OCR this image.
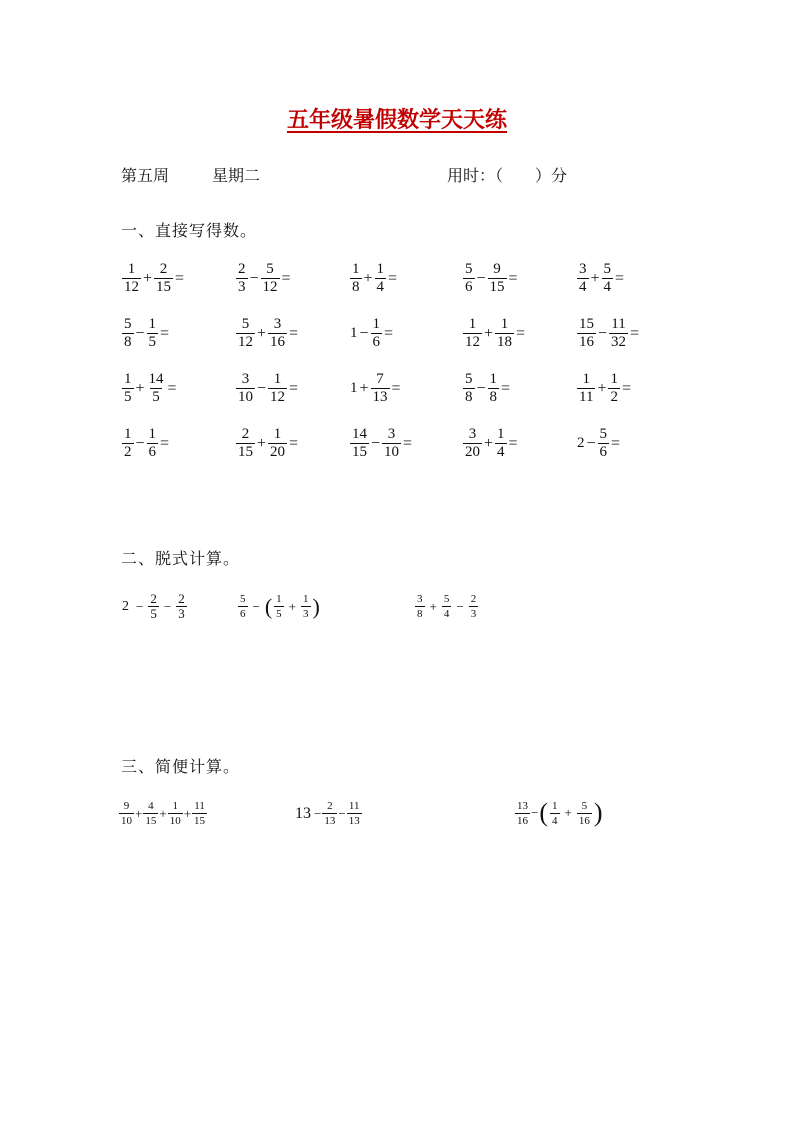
五年级暑假数学天天练
第五周	星期二	用时：（　　）分
一、直接写得数。
二、脱式计算。
三、简便计算。
$\frac{1}{12} + \frac{2}{15}$ =	$\frac{2}{3} - \frac{5}{12}$ =	$\frac{1}{8} + \frac{1}{4}$ =	$\frac{5}{6} - \frac{9}{15}$ =	$\frac{3}{4} + \frac{5}{4}$ =
$\frac{5}{8} - \frac{1}{5}$ =	$\frac{5}{12} + \frac{3}{16}$ =	$1 - \frac{1}{6}$ =	$\frac{1}{12} + \frac{1}{18}$ =	$\frac{15}{16} - \frac{11}{32}$ =
$\frac{1}{5} + \frac{14}{5}$ =	$\frac{3}{10} - \frac{1}{12}$ =	$1 + \frac{7}{13}$ =	$\frac{5}{8} - \frac{1}{8}$ =	$\frac{1}{11} + \frac{1}{2}$ =
$\frac{1}{2} - \frac{1}{6}$ =	$\frac{2}{15} + \frac{1}{20}$ =	$\frac{14}{15} - \frac{3}{10}$ =	$\frac{3}{20} + \frac{1}{4}$ =	$2 - \frac{5}{6}$ =
$2 - \frac{2}{5} - \frac{2}{3}$	$\frac{5}{6}$ − ( $\frac{1}{5} + \frac{1}{3}$ )	$\frac{3}{8} + \frac{5}{4} - \frac{2}{3}$
$\frac{9}{10} + \frac{4}{15} + \frac{1}{10} + \frac{11}{15}$	$13 - \frac{2}{13} - \frac{11}{13}$	$\frac{13}{16}$ − ( $\frac{1}{4} + \frac{5}{16}$ )
